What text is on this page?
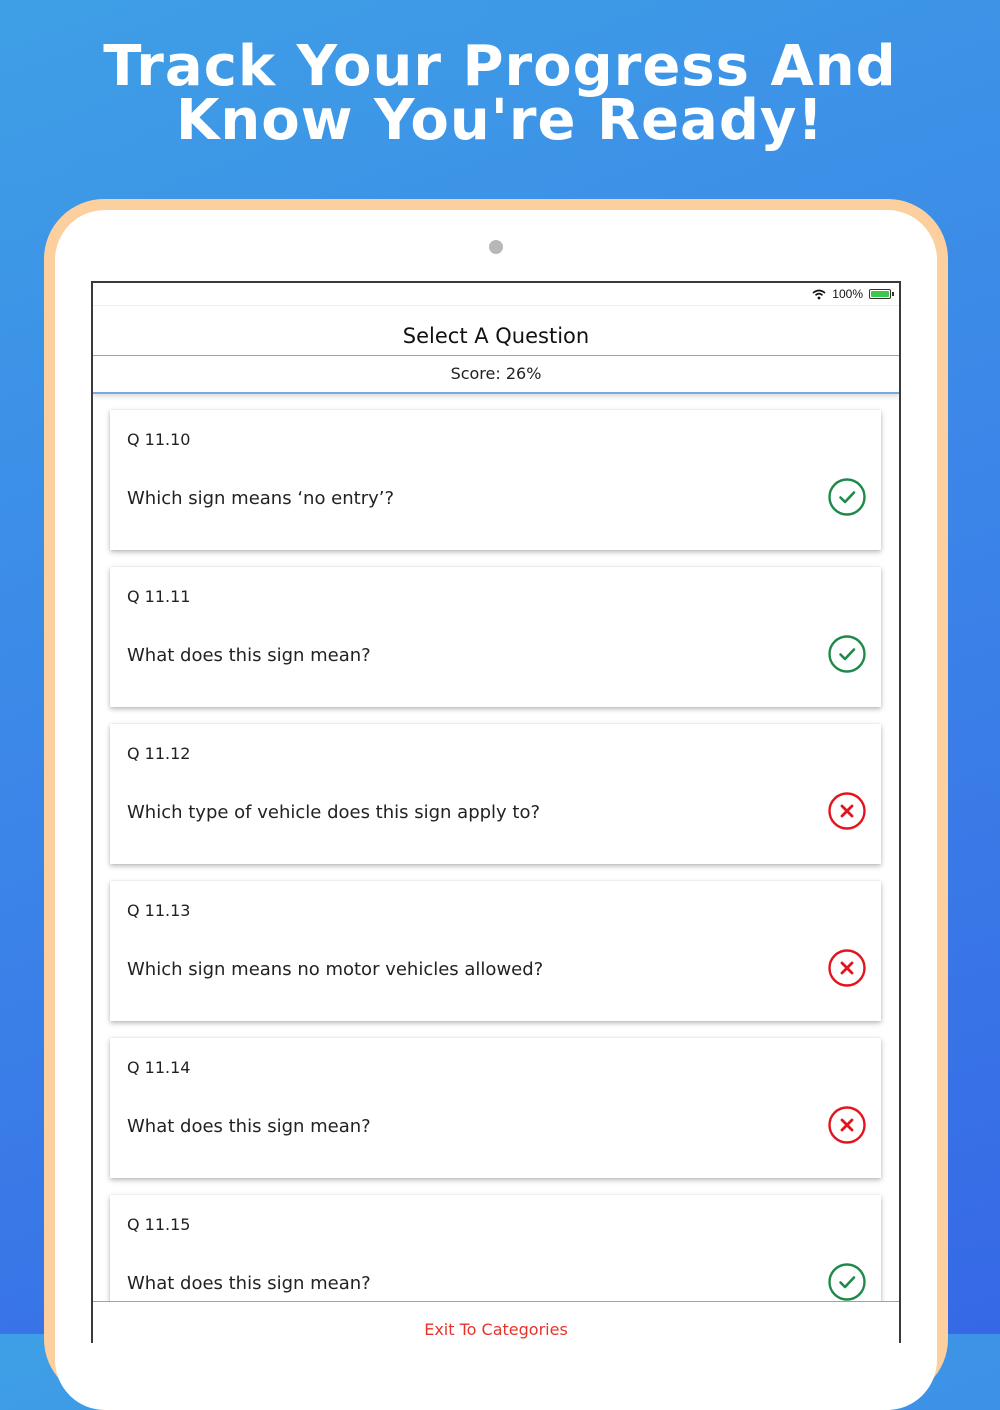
Track Your Progress And
Know You're Ready!
100%
Select A Question
Score: 26%
Q 11.10
Which sign means ‘no entry’?
Q 11.11
What does this sign mean?
Q 11.12
Which type of vehicle does this sign apply to?
Q 11.13
Which sign means no motor vehicles allowed?
Q 11.14
What does this sign mean?
Q 11.15
What does this sign mean?
Exit To Categories
